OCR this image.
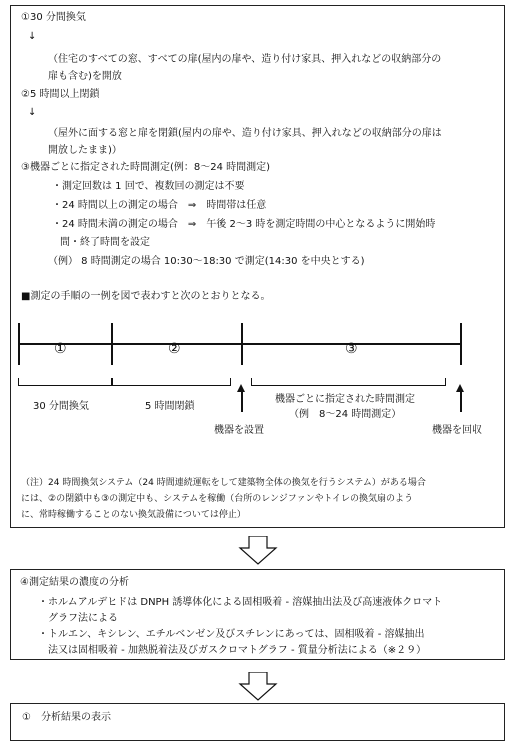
①30 分間換気
↓
（住宅のすべての窓、すべての扉(屋内の扉や、造り付け家具、押入れなどの収納部分の
扉も含む)を開放
②5 時間以上閉鎖
↓
（屋外に面する窓と扉を閉鎖(屋内の扉や、造り付け家具、押入れなどの収納部分の扉は
開放したまま)）
③機器ごとに指定された時間測定(例：8～24 時間測定)
・測定回数は 1 回で、複数回の測定は不要
・24 時間以上の測定の場合　⇒　時間帯は任意
・24 時間未満の測定の場合　⇒　午後 2～3 時を測定時間の中心となるように開始時
間・終了時間を設定
（例） 8 時間測定の場合 10:30～18:30 で測定(14:30 を中央とする)
■測定の手順の一例を図で表わすと次のとおりとなる。
①	②	③
30 分間換気	5 時間閉鎖
機器ごとに指定された時間測定
（例　8～24 時間測定）
機器を設置	機器を回収
（注）24 時間換気システム（24 時間連続運転をして建築物全体の換気を行うシステム）がある場合
には、②の閉鎖中も③の測定中も、システムを稼働（台所のレンジファンやトイレの換気扇のよう
に、常時稼働することのない換気設備については停止）
④測定結果の濃度の分析
・ホルムアルデヒドは DNPH 誘導体化による固相吸着 - 溶媒抽出法及び高速液体クロマト
グラフ法による
・トルエン、キシレン、エチルベンゼン及びスチレンにあっては、固相吸着 - 溶媒抽出
法又は固相吸着 - 加熱脱着法及びガスクロマトグラフ - 質量分析法による（※２９）
①　分析結果の表示
